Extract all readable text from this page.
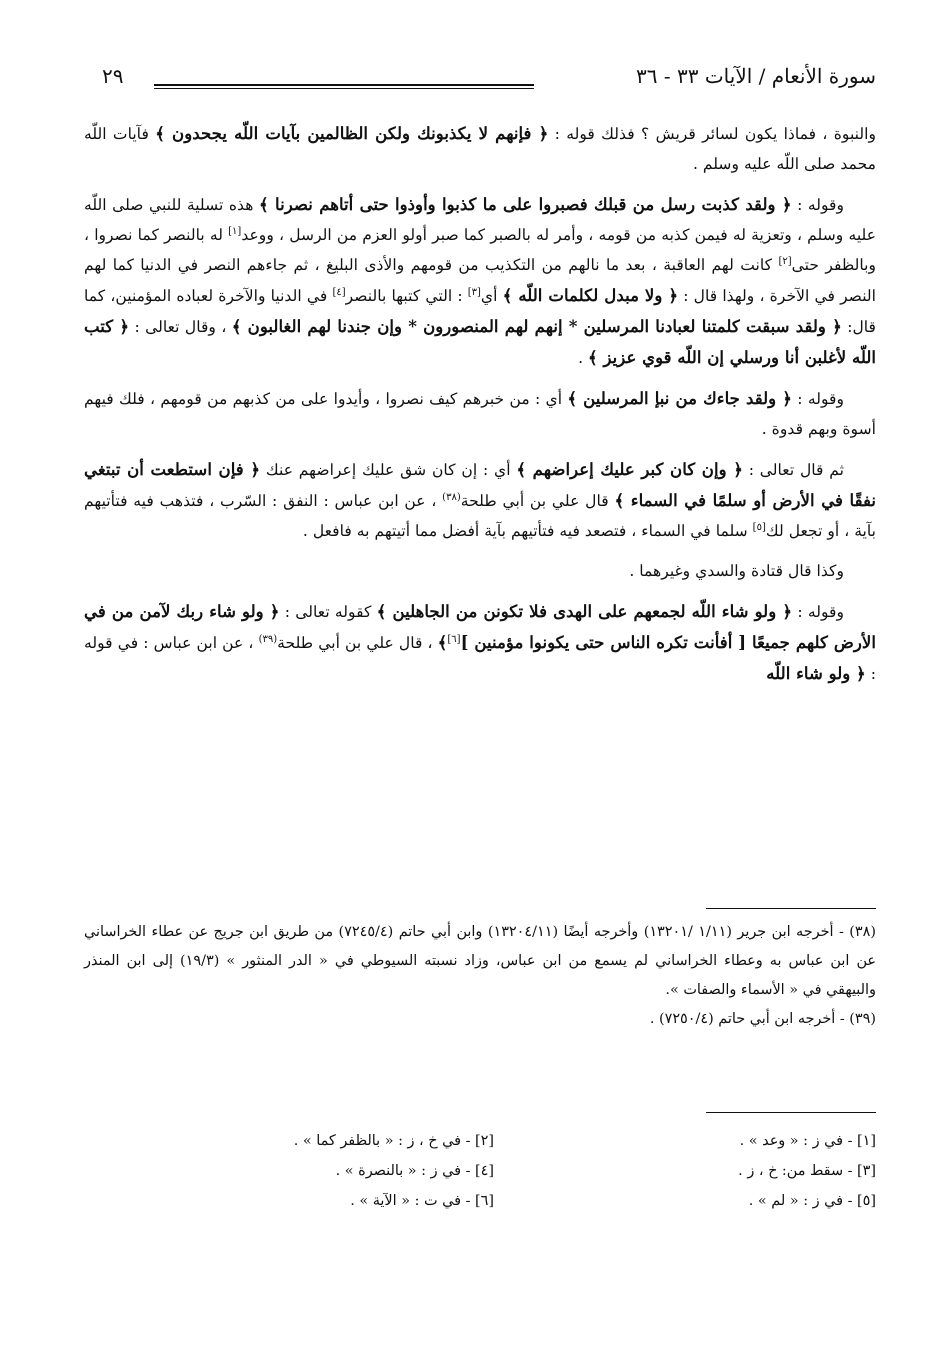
سورة الأنعام / الآيات ٣٣ - ٣٦
٢٩

والنبوة ، فماذا يكون لسائر قريش ؟ فذلك قوله : ﴿ فإنهم لا يكذبونك ولكن الظالمين بآيات اللّه يجحدون ﴾ فآيات اللّه محمد صلى اللّه عليه وسلم .

وقوله : ﴿ ولقد كذبت رسل من قبلك فصبروا على ما كذبوا وأوذوا حتى أتاهم نصرنا ﴾ هذه تسلية للنبي صلى اللّه عليه وسلم ، وتعزية له فيمن كذبه من قومه ، وأمر له بالصبر كما صبر أولو العزم من الرسل ، ووعد[١] له بالنصر كما نصروا ، وبالظفر حتى[٢] كانت لهم العاقبة ، بعد ما نالهم من التكذيب من قومهم والأذى البليغ ، ثم جاءهم النصر في الدنيا كما لهم النصر في الآخرة ، ولهذا قال : ﴿ ولا مبدل لكلمات اللّه ﴾ أي[٣] : التي كتبها بالنصر[٤] في الدنيا والآخرة لعباده المؤمنين، كما قال: ﴿ ولقد سبقت كلمتنا لعبادنا المرسلين * إنهم لهم المنصورون * وإن جندنا لهم الغالبون ﴾ ، وقال تعالى : ﴿ كتب اللّه لأغلبن أنا ورسلي إن اللّه قوي عزيز ﴾ .

وقوله : ﴿ ولقد جاءك من نبإ المرسلين ﴾ أي : من خبرهم كيف نصروا ، وأيدوا على من كذبهم من قومهم ، فلك فيهم أسوة وبهم قدوة .

ثم قال تعالى : ﴿ وإن كان كبر عليك إعراضهم ﴾ أي : إن كان شق عليك إعراضهم عنك ﴿ فإن استطعت أن تبتغي نفقًا في الأرض أو سلمًا في السماء ﴾ قال علي بن أبي طلحة$^{(٣٨)}$ ، عن ابن عباس : النفق : السّرب ، فتذهب فيه فتأتيهم بآية ، أو تجعل لك[٥] سلما في السماء ، فتصعد فيه فتأتيهم بآية أفضل مما أتيتهم به فافعل .

وكذا قال قتادة والسدي وغيرهما .

وقوله : ﴿ ولو شاء اللّه لجمعهم على الهدى فلا تكونن من الجاهلين ﴾ كقوله تعالى : ﴿ ولو شاء ربك لآمن من في الأرض كلهم جميعًا [ أفأنت تكره الناس حتى يكونوا مؤمنين ][٦]﴾ ، قال علي بن أبي طلحة$^{(٣٩)}$ ، عن ابن عباس : في قوله : ﴿ ولو شاء اللّه

(٣٨) - أخرجه ابن جرير (١/١١ /١٣٢٠١) وأخرجه أيضًا (١٣٢٠٤/١١) وابن أبي حاتم (٧٢٤٥/٤) من طريق ابن جريج عن عطاء الخراساني عن ابن عباس به وعطاء الخراساني لم يسمع من ابن عباس، وزاد نسبته السيوطي في « الدر المنثور » (١٩/٣) إلى ابن المنذر والبيهقي في « الأسماء والصفات ».

(٣٩) - أخرجه ابن أبي حاتم (٧٢٥٠/٤) .

[١] - في ز : « وعد » .
[٣] - سقط من: خ ، ز .
[٥] - في ز : « لم » .
[٢] - في خ ، ز : « بالظفر كما » .
[٤] - في ز : « بالنصرة » .
[٦] - في ت : « الآية » .
